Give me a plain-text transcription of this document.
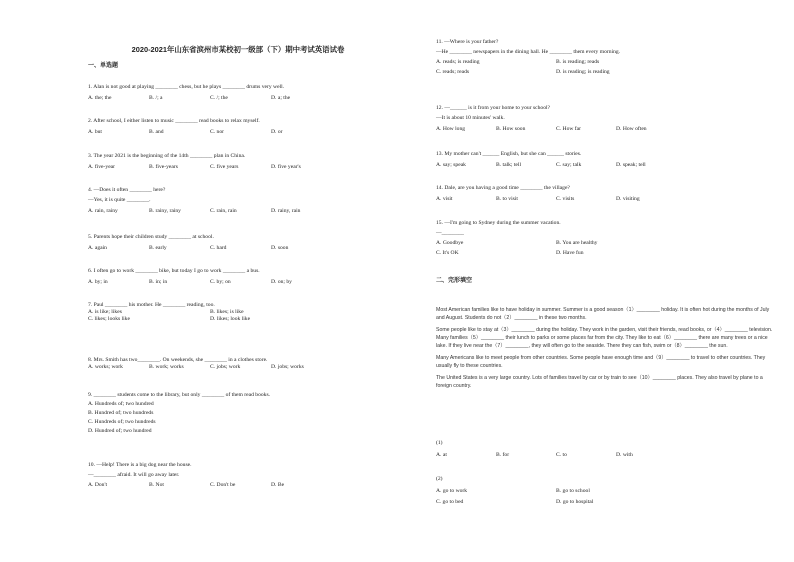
2020-2021年山东省滨州市某校初一级部（下）期中考试英语试卷
一、单选题
1. Alan is not good at playing ________ chess, but he plays ________ drums very well.
A. the; the	B. /; a	C. /; the	D. a; the
2. After school, I either listen to music ________ read books to relax myself.
A. but	B. and	C. nor	D. or
3. The year 2021 is the beginning of the 14th ________ plan in China.
A. five-year	B. five-years	C. five years	D. five year's
4. —Does it often ________ here?
—Yes, it is quite ________.
A. rain, rainy	B. rainy, rainy	C. rain, rain	D. rainy, rain
5. Parents hope their children study ________ at school.
A. again	B. early	C. hard	D. soon
6. I often go to work ________ bike, but today I go to work ________ a bus.
A. by; in	B. in; in	C. by; on	D. on; by
7. Paul ________ his mother. He ________ reading, too.
A. is like; likes	B. likes; is like
C. likes; looks like	D. likes; look like
8. Mrs. Smith has two________. On weekends, she ________ in a clothes store.
A. works; work	B. work; works	C. jobs; work	D. jobs; works
9. ________ students come to the library, but only ________ of them read books.
A. Hundreds of; two hundred
B. Hundred of; two hundreds
C. Hundreds of; two hundreds
D. Hundred of; two hundred
10. —Help! There is a big dog near the house.
—________ afraid. It will go away later.
A. Don't	B. Not	C. Don't be	D. Be
11. —Where is your father?
—He ________ newspapers in the dining hall. He ________ them every morning.
A. reads; is reading	B. is reading; reads
C. reads; reads	D. is reading; is reading
12. —______ is it from your home to your school?
—It is about 10 minutes' walk.
A. How long	B. How soon	C. How far	D. How often
13. My mother can't ______ English, but she can ______ stories.
A. say; speak	B. talk; tell	C. say; talk	D. speak; tell
14. Dale, are you having a good time ________ the village?
A. visit	B. to visit	C. visits	D. visiting
15. —I'm going to Sydney during the summer vacation.
—________
A. Goodbye	B. You are healthy
C. It's OK	D. Have fun
二、完形填空

Most American families like to have holiday in summer. Summer is a good season（1）________ holiday. It is often hot during the months of July and August. Students do not（2）________ in these two months.

Some people like to stay at（3）________ during the holiday. They work in the garden, visit their friends, read books, or（4）________ television. Many families（5）________ their lunch to parks or some places far from the city. They like to eat（6）________ there are many trees or a nice lake. If they live near the（7）________, they will often go to the seaside. There they can fish, swim or（8）________ the sun.

Many Americans like to meet people from other countries. Some people have enough time and（9）________ to travel to other countries. They usually fly to these countries.

The United States is a very large country. Lots of families travel by car or by train to see（10）________ places. They also travel by plane to a foreign country.

(1)
A. at	B. for	C. to	D. with
(2)
A. go to work	B. go to school
C. go to bed	D. go to hospital
